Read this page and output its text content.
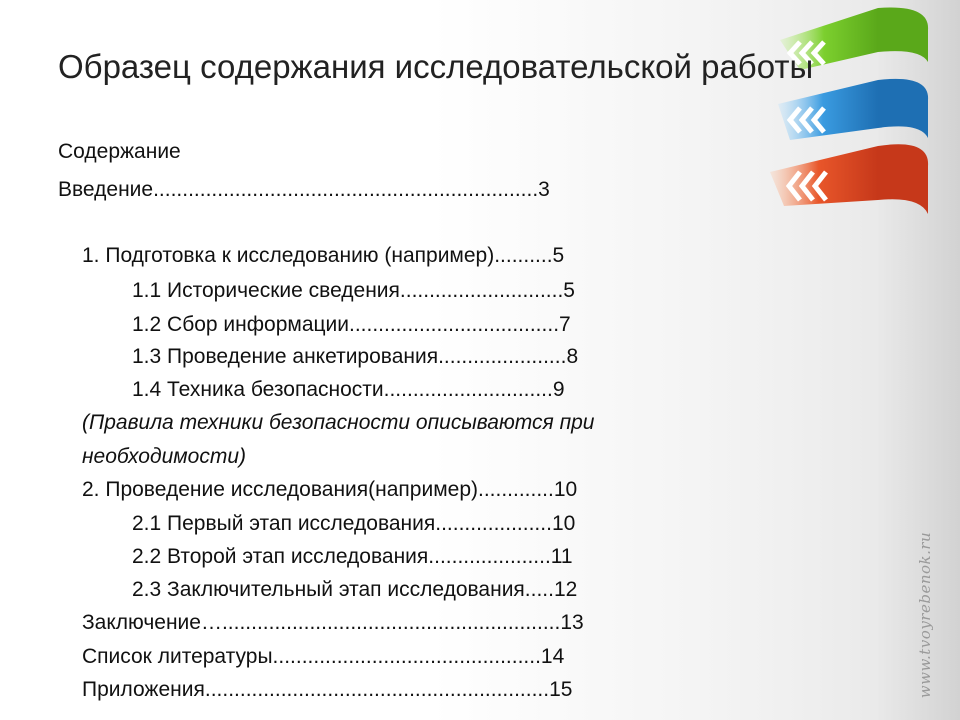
www.tvoyrebenok.ru
Образец содержания исследовательской работы
Содержание
Введение..................................................................3
1. Подготовка к исследованию (например)..........5
1.1 Исторические сведения............................5
1.2 Сбор информации....................................7
1.3 Проведение анкетирования......................8
1.4 Техника безопасности.............................9
(Правила техники безопасности описываются при
необходимости)
2. Проведение исследования(например).............10
2.1 Первый этап исследования....................10
2.2 Второй этап исследования.....................11
2.3 Заключительный этап исследования.....12
Заключение…..........................................................13
Список литературы..............................................14
Приложения...........................................................15
